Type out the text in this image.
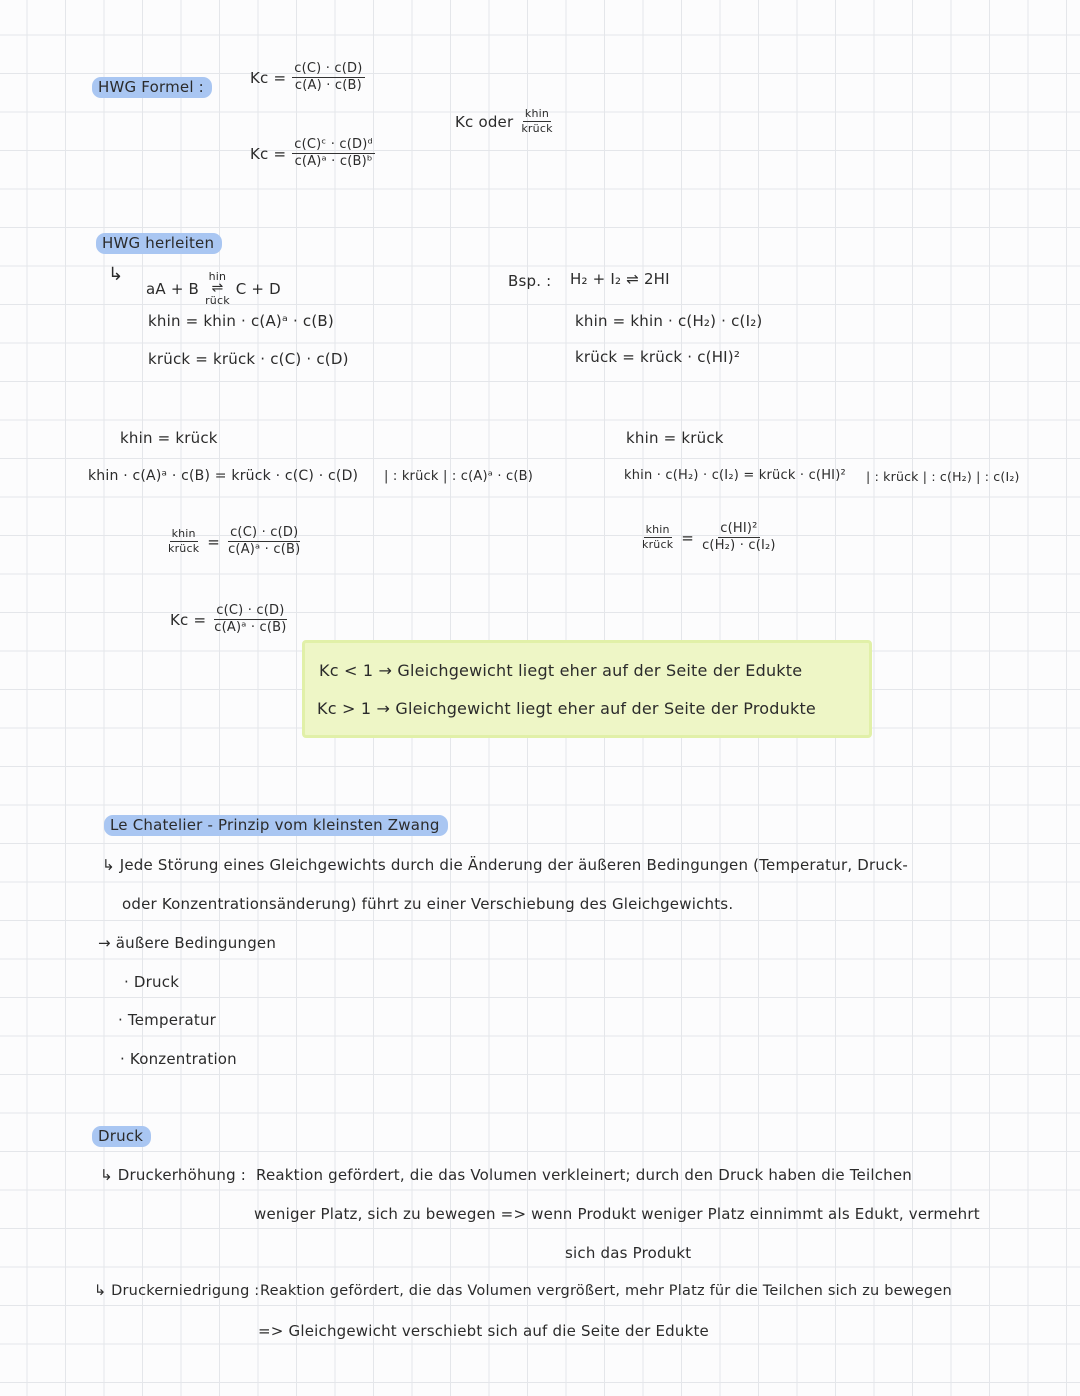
HWG Formel :
$Kc = \frac{c(C) \cdot c(D)}{c(A) \cdot c(B)}$
$Kc = \frac{\text{c(C)ᶜ · c(D)ᵈ}}{\text{c(A)ᵃ · c(B)ᵇ}}$
Kc oder $\frac{\text{khin}}{\text{krück}}$
HWG herleiten
↳
aA + B
hin
⇌
rück
C + D
khin = khin · c(A)ᵃ · c(B)
krück = krück · c(C) · c(D)
Bsp. : H₂ + I₂ ⇌ 2HI
khin = khin · c(H₂) · c(I₂)
krück = krück · c(HI)²
khin = krück
khin · c(A)ᵃ · c(B) = krück · c(C) · c(D) | : krück | : c(A)ᵃ · c(B)
khin = krück
khin · c(H₂) · c(I₂) = krück · c(HI)² | : krück | : c(H₂) | : c(I₂)
$\frac{\text{khin}}{\text{krück}} = \frac{c(C) \cdot c(D)}{\text{c(A)ᵃ · c(B)}}$	$\frac{\text{khin}}{\text{krück}} = \frac{\text{c(HI)²}}{\text{c(H₂) · c(I₂)}}$
$Kc = \frac{c(C) \cdot c(D)}{\text{c(A)ᵃ · c(B)}}$
Kc < 1 → Gleichgewicht liegt eher auf der Seite der Edukte
Kc > 1 → Gleichgewicht liegt eher auf der Seite der Produkte
Le Chatelier - Prinzip vom kleinsten Zwang
↳ Jede Störung eines Gleichgewichts durch die Änderung der äußeren Bedingungen (Temperatur, Druck-
oder Konzentrationsänderung) führt zu einer Verschiebung des Gleichgewichts.
→ äußere Bedingungen
· Druck
· Temperatur
· Konzentration
Druck
↳ Druckerhöhung : Reaktion gefördert, die das Volumen verkleinert; durch den Druck haben die Teilchen
weniger Platz, sich zu bewegen => wenn Produkt weniger Platz einnimmt als Edukt, vermehrt
sich das Produkt
↳ Druckerniedrigung : Reaktion gefördert, die das Volumen vergrößert, mehr Platz für die Teilchen sich zu bewegen
=> Gleichgewicht verschiebt sich auf die Seite der Edukte
